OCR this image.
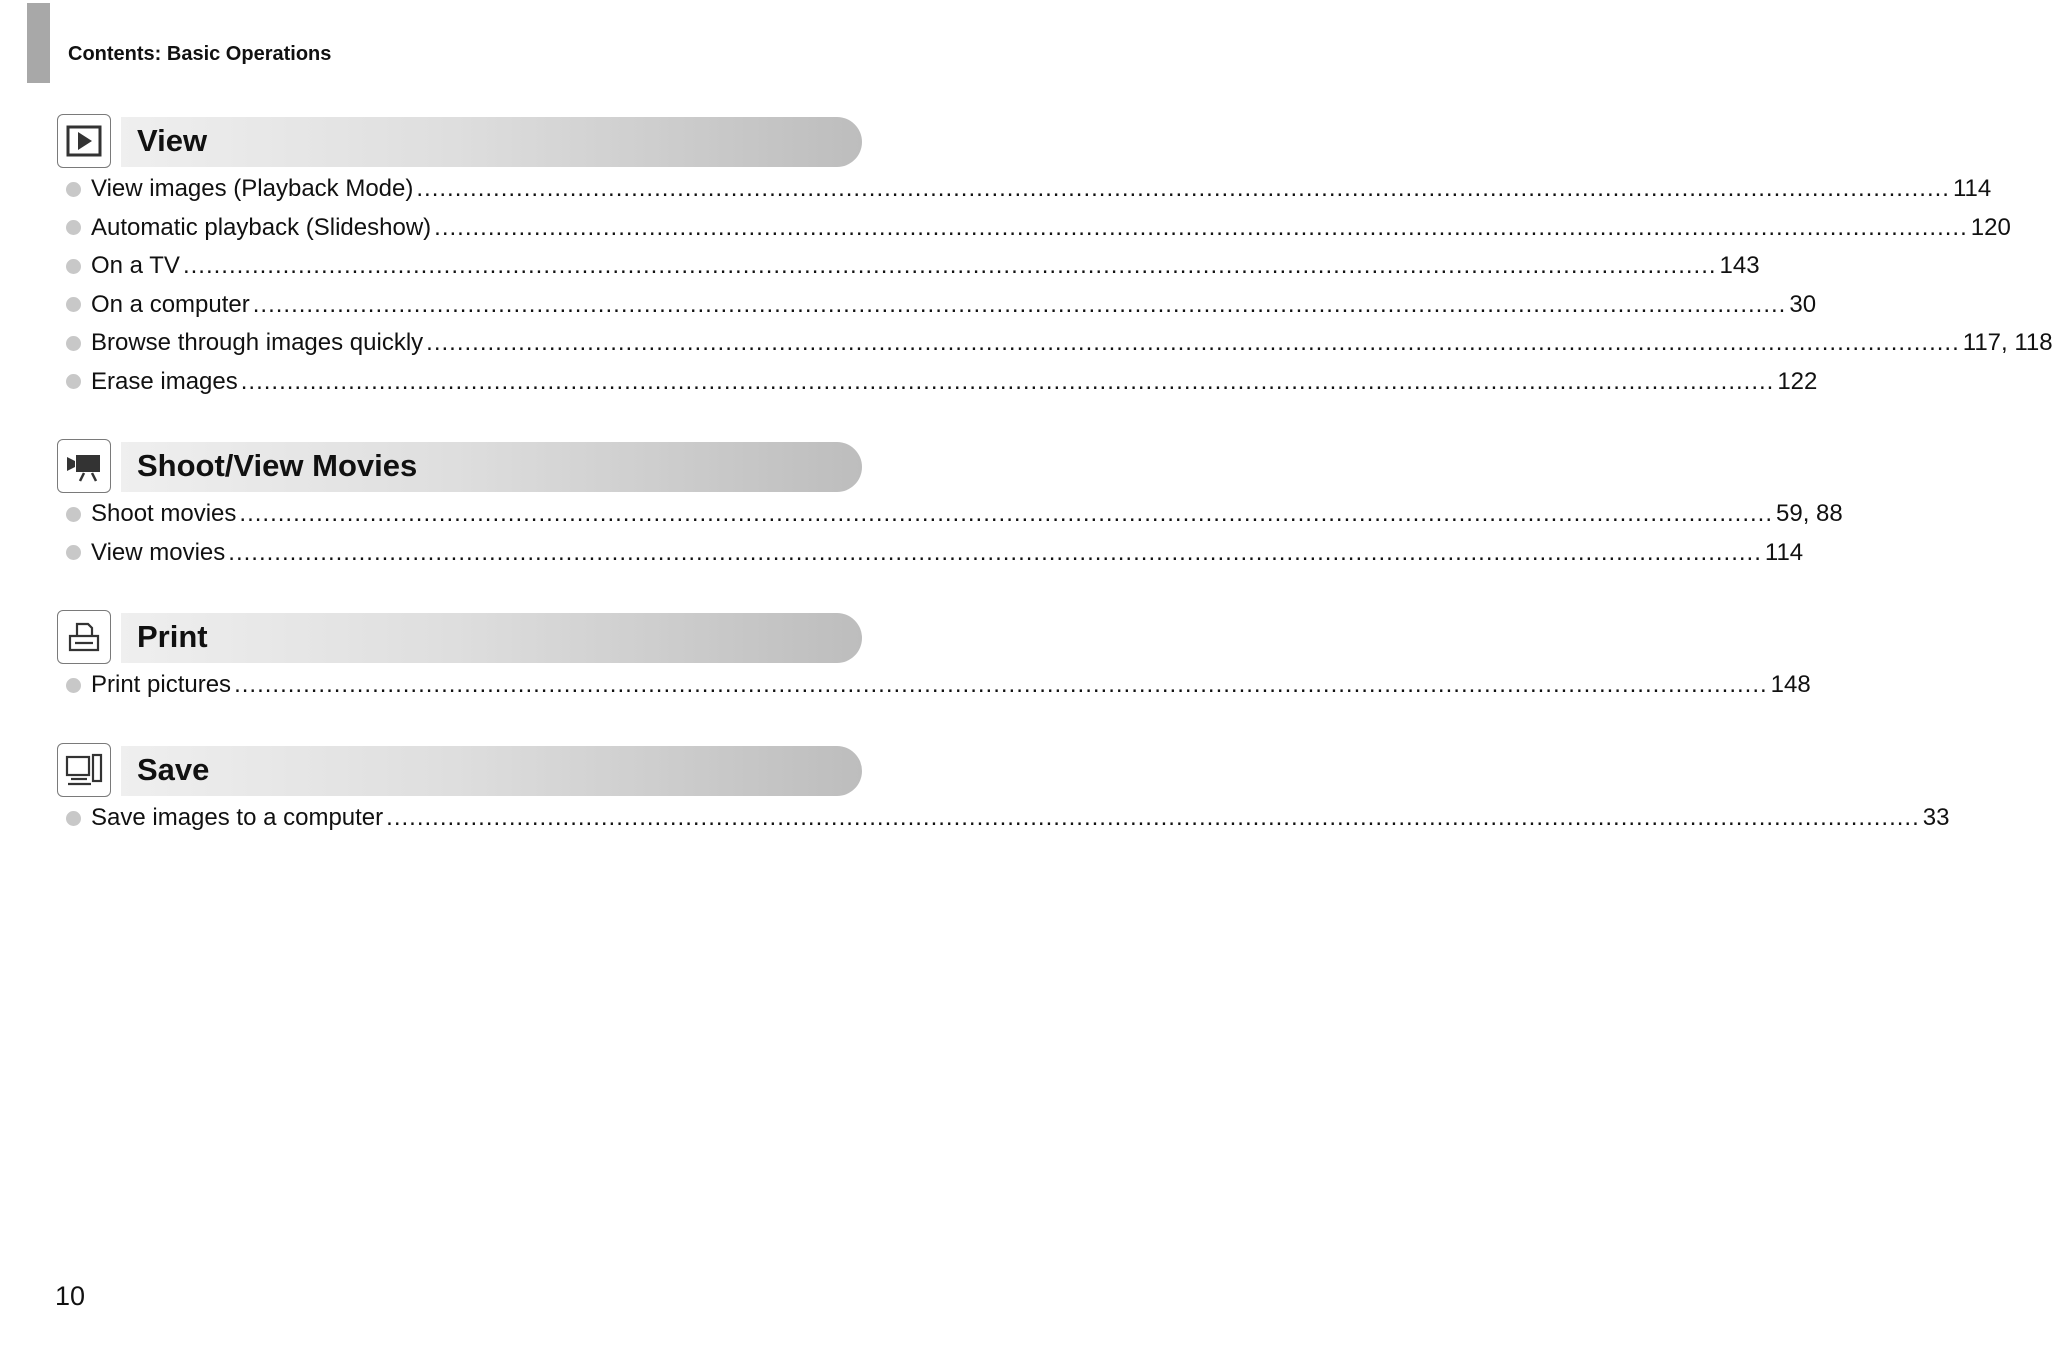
Contents: Basic Operations
View
View images (Playback Mode) ........................................................................................................................................................................................................ 114
Automatic playback (Slideshow) ........................................................................................................................................................................................................ 120
On a TV ........................................................................................................................................................................................................ 143
On a computer ........................................................................................................................................................................................................ 30
Browse through images quickly ........................................................................................................................................................................................................ 117, 118
Erase images ........................................................................................................................................................................................................ 122
Shoot/View Movies
Shoot movies ........................................................................................................................................................................................................ 59, 88
View movies ........................................................................................................................................................................................................ 114
Print
Print pictures ........................................................................................................................................................................................................ 148
Save
Save images to a computer ........................................................................................................................................................................................................ 33
10
